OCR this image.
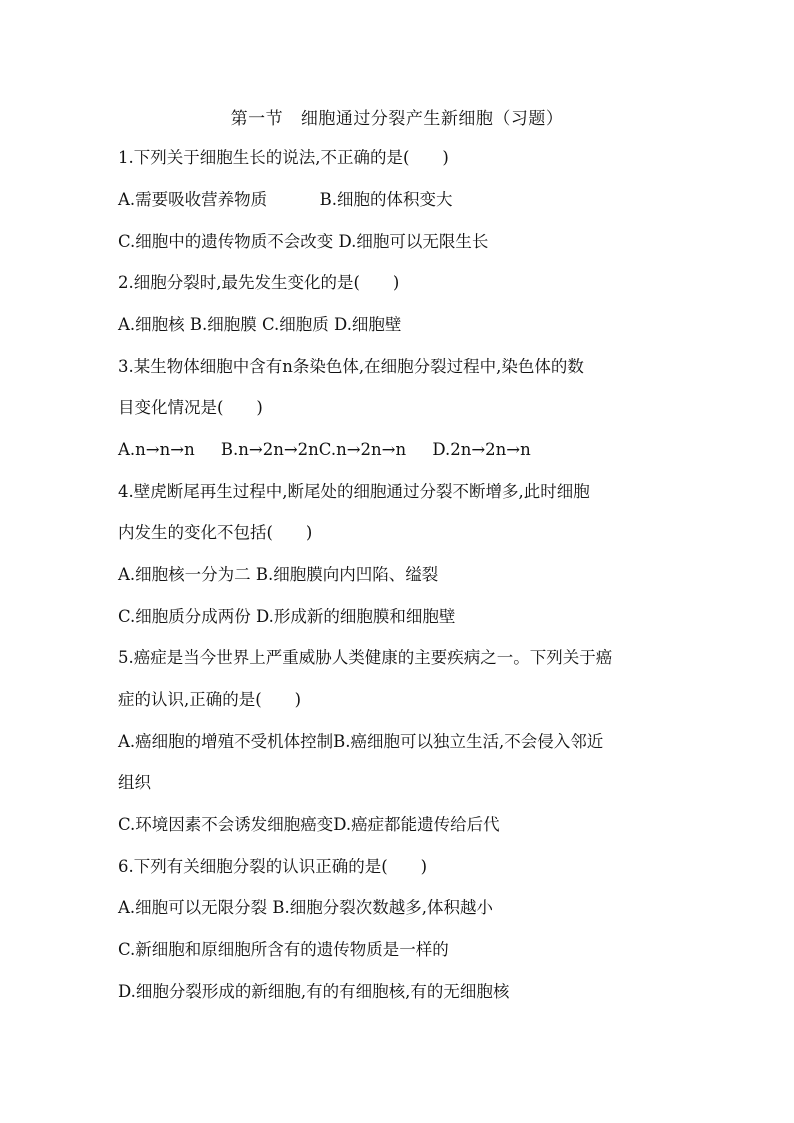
第一节   细胞通过分裂产生新细胞（习题）
1.下列关于细胞生长的说法,不正确的是(　　)
A.需要吸收营养物质          B.细胞的体积变大
C.细胞中的遗传物质不会改变 D.细胞可以无限生长
2.细胞分裂时,最先发生变化的是(　　)
A.细胞核 B.细胞膜 C.细胞质 D.细胞壁
3.某生物体细胞中含有n条染色体,在细胞分裂过程中,染色体的数
目变化情况是(　　)
A.n→n→n     B.n→2n→2nC.n→2n→n     D.2n→2n→n
4.壁虎断尾再生过程中,断尾处的细胞通过分裂不断增多,此时细胞
内发生的变化不包括(　　)
A.细胞核一分为二 B.细胞膜向内凹陷、缢裂
C.细胞质分成两份 D.形成新的细胞膜和细胞壁
5.癌症是当今世界上严重威胁人类健康的主要疾病之一。下列关于癌
症的认识,正确的是(　　)
A.癌细胞的增殖不受机体控制B.癌细胞可以独立生活,不会侵入邻近
组织
C.环境因素不会诱发细胞癌变D.癌症都能遗传给后代
6.下列有关细胞分裂的认识正确的是(　　)
A.细胞可以无限分裂 B.细胞分裂次数越多,体积越小
C.新细胞和原细胞所含有的遗传物质是一样的
D.细胞分裂形成的新细胞,有的有细胞核,有的无细胞核
